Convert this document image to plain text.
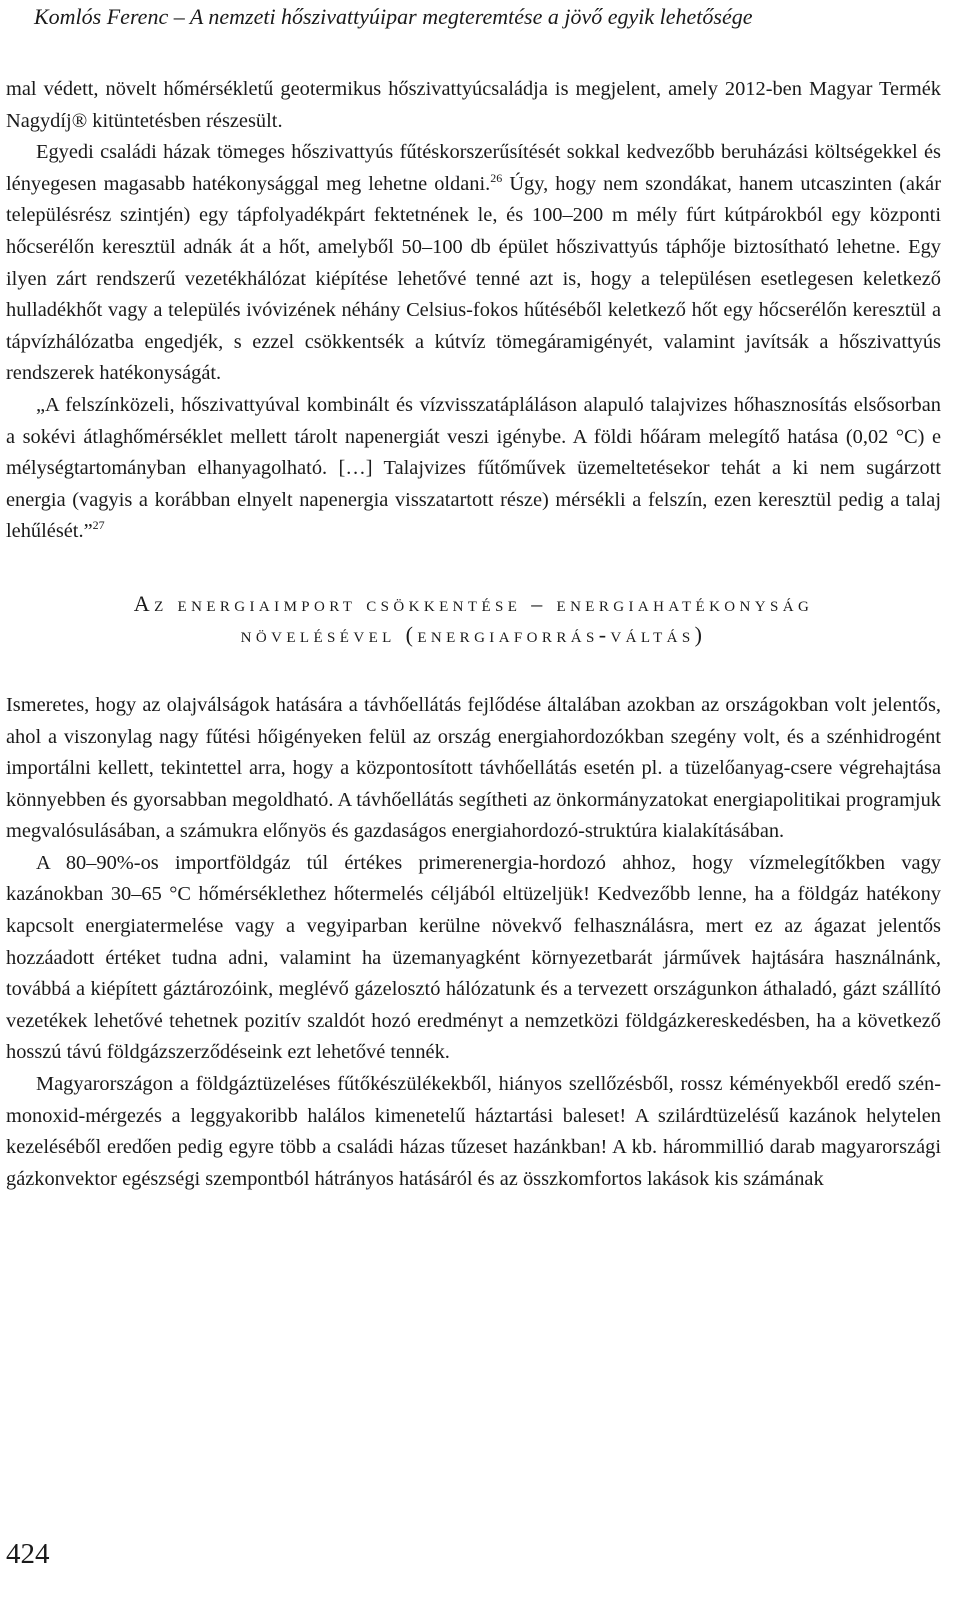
Komlós Ferenc – A nemzeti hőszivattyúipar megteremtése a jövő egyik lehetősége

mal védett, növelt hőmérsékletű geotermikus hőszivattyúcsaládja is megjelent, amely 2012-ben Magyar Termék Nagydíj® kitüntetésben részesült.

Egyedi családi házak tömeges hőszivattyús fűtéskorszerűsítését sokkal kedvezőbb beruházási költségekkel és lényegesen magasabb hatékonysággal meg lehetne oldani.$^{26}$ Úgy, hogy nem szondákat, hanem utcaszinten (akár településrész szintjén) egy tápfolyadékpárt fektetnének le, és 100–200 m mély fúrt kútpárokból egy központi hőcserélőn keresztül adnák át a hőt, amelyből 50–100 db épület hőszivattyús táphője biztosítható lehetne. Egy ilyen zárt rendszerű vezetékhálózat kiépítése lehetővé tenné azt is, hogy a településen esetlegesen keletkező hulladékhőt vagy a település ivóvizének néhány Celsius-fokos hűtéséből keletkező hőt egy hőcserélőn keresztül a tápvízhálózatba engedjék, s ezzel csökkentsék a kútvíz tömegáramigényét, valamint javítsák a hőszivattyús rendszerek hatékonyságát.

„A felszínközeli, hőszivattyúval kombinált és vízvisszatápláláson alapuló talajvizes hőhasznosítás elsősorban a sokévi átlaghőmérséklet mellett tárolt napenergiát veszi igénybe. A földi hőáram melegítő hatása (0,02 °C) e mélységtartományban elhanyagolható. […] Talajvizes fűtőművek üzemeltetésekor tehát a ki nem sugárzott energia (vagyis a korábban elnyelt napenergia visszatartott része) mérsékli a felszín, ezen keresztül pedig a talaj lehűlését.”$^{27}$

Az energiaimport csökkentése – energiahatékonyság
növelésével (energiaforrás-váltás)

Ismeretes, hogy az olajválságok hatására a távhőellátás fejlődése általában azokban az országokban volt jelentős, ahol a viszonylag nagy fűtési hőigényeken felül az ország energiahordozókban szegény volt, és a szénhidrogént importálni kellett, tekintettel arra, hogy a központosított távhőellátás esetén pl. a tüzelőanyag-csere végrehajtása könnyebben és gyorsabban megoldható. A távhőellátás segítheti az önkormányzatokat energiapolitikai programjuk megvalósulásában, a számukra előnyös és gazdaságos energiahordozó-struktúra kialakításában.

A 80–90%-os importföldgáz túl értékes primerenergia-hordozó ahhoz, hogy vízmelegítőkben vagy kazánokban 30–65 °C hőmérséklethez hőtermelés céljából eltüzeljük! Kedvezőbb lenne, ha a földgáz hatékony kapcsolt energiatermelése vagy a vegyiparban kerülne növekvő felhasználásra, mert ez az ágazat jelentős hozzáadott értéket tudna adni, valamint ha üzemanyagként környezetbarát járművek hajtására használnánk, továbbá a kiépített gáztározóink, meglévő gázelosztó hálózatunk és a tervezett országunkon áthaladó, gázt szállító vezetékek lehetővé tehetnek pozitív szaldót hozó eredményt a nemzetközi földgázkereskedésben, ha a következő hosszú távú földgázszerződéseink ezt lehetővé tennék.

Magyarországon a földgáztüzeléses fűtőkészülékekből, hiányos szellőzésből, rossz kéményekből eredő szén-monoxid-mérgezés a leggyakoribb halálos kimenetelű háztartási baleset! A szilárdtüzelésű kazánok helytelen kezeléséből eredően pedig egyre több a családi házas tűzeset hazánkban! A kb. hárommillió darab magyarországi gázkonvektor egészségi szempontból hátrányos hatásáról és az összkomfortos lakások kis számának

424
